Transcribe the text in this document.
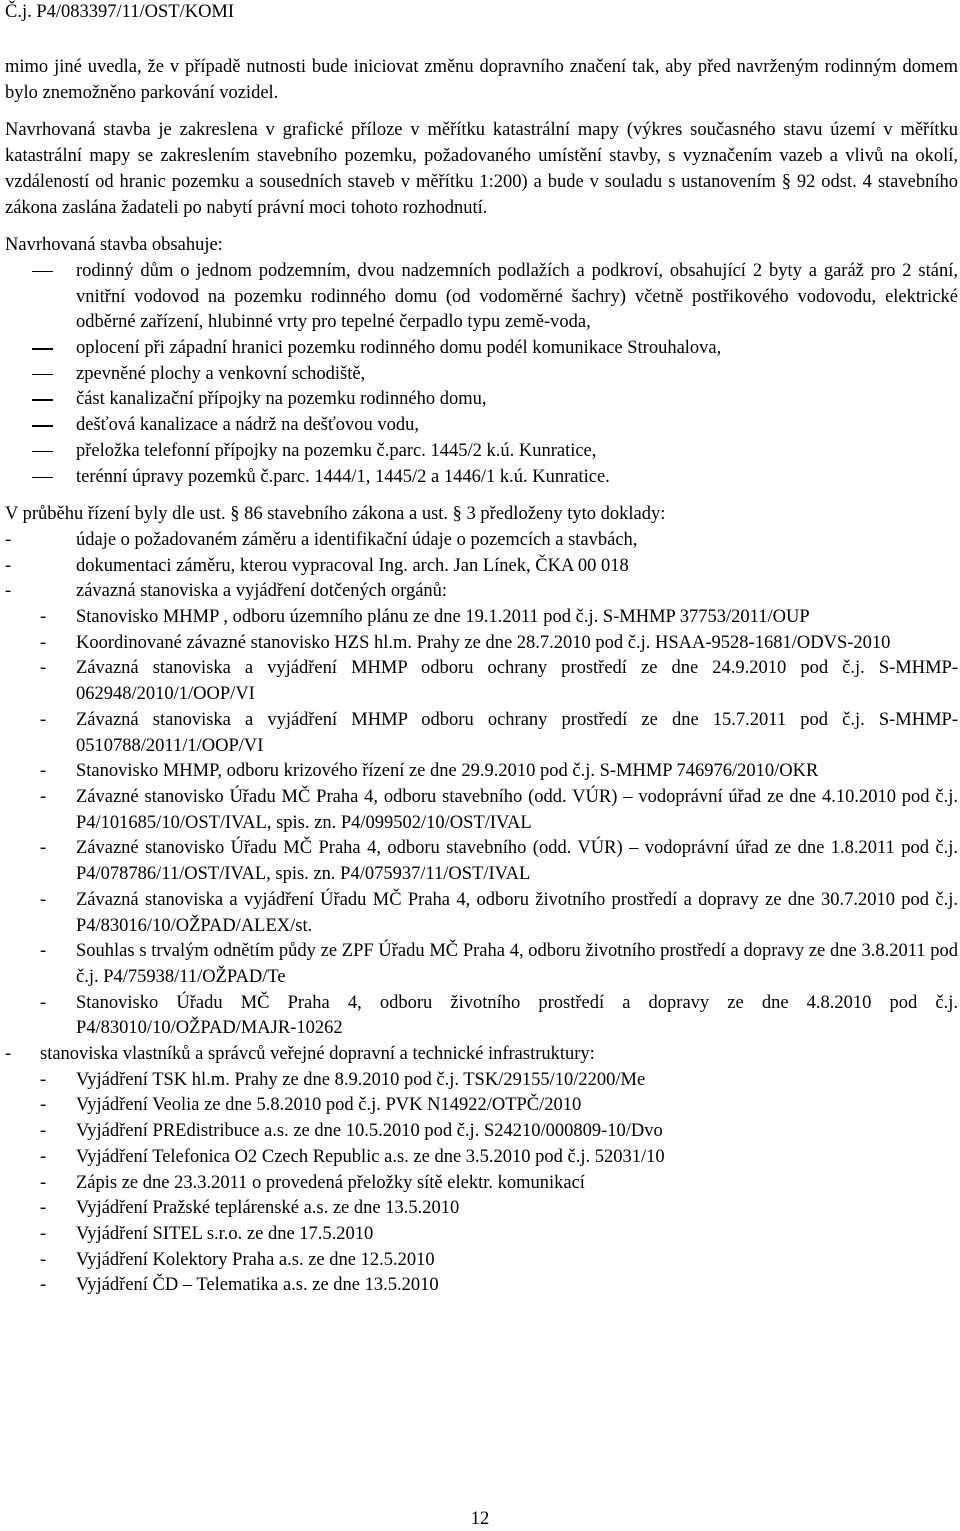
Č.j. P4/083397/11/OST/KOMI

mimo jiné uvedla, že v případě nutnosti bude iniciovat změnu dopravního značení tak, aby před navrženým rodinným domem bylo znemožněno parkování vozidel.

Navrhovaná stavba je zakreslena v grafické příloze v měřítku katastrální mapy (výkres současného stavu území v měřítku katastrální mapy se zakreslením stavebního pozemku, požadovaného umístění stavby, s vyznačením vazeb a vlivů na okolí, vzdáleností od hranic pozemku a sousedních staveb v měřítku 1:200) a bude v souladu s ustanovením § 92 odst. 4 stavebního zákona zaslána žadateli po nabytí právní moci tohoto rozhodnutí.

Navrhovaná stavba obsahuje:

rodinný dům o jednom podzemním, dvou nadzemních podlažích a podkroví, obsahující 2 byty a garáž pro 2 stání, vnitřní vodovod na pozemku rodinného domu (od vodoměrné šachry) včetně postřikového vodovodu, elektrické odběrné zařízení, hlubinné vrty pro tepelné čerpadlo typu země-voda,
oplocení při západní hranici pozemku rodinného domu podél komunikace Strouhalova,
zpevněné plochy a venkovní schodiště,
část kanalizační přípojky na pozemku rodinného domu,
dešťová kanalizace a nádrž na dešťovou vodu,
přeložka telefonní přípojky na pozemku č.parc. 1445/2 k.ú. Kunratice,
terénní úpravy pozemků č.parc. 1444/1, 1445/2 a 1446/1 k.ú. Kunratice.

V průběhu řízení byly dle ust. § 86 stavebního zákona a ust. § 3 předloženy tyto doklady:

-	údaje o požadovaném záměru a identifikační údaje o pozemcích a stavbách,
-	dokumentaci záměru, kterou vypracoval Ing. arch. Jan Línek, ČKA 00 018
-	závazná stanoviska a vyjádření dotčených orgánů:
- Stanovisko MHMP , odboru územního plánu ze dne 19.1.2011 pod č.j. S-MHMP 37753/2011/OUP
- Koordinované závazné stanovisko HZS hl.m. Prahy ze dne 28.7.2010 pod č.j. HSAA-9528-1681/ODVS-2010
- Závazná stanoviska a vyjádření MHMP odboru ochrany prostředí ze dne 24.9.2010 pod č.j. S-MHMP-062948/2010/1/OOP/VI
- Závazná stanoviska a vyjádření MHMP odboru ochrany prostředí ze dne 15.7.2011 pod č.j. S-MHMP-0510788/2011/1/OOP/VI
- Stanovisko MHMP, odboru krizového řízení ze dne 29.9.2010 pod č.j. S-MHMP 746976/2010/OKR
- Závazné stanovisko Úřadu MČ Praha 4, odboru stavebního (odd. VÚR) – vodoprávní úřad ze dne 4.10.2010 pod č.j. P4/101685/10/OST/IVAL, spis. zn. P4/099502/10/OST/IVAL
- Závazné stanovisko Úřadu MČ Praha 4, odboru stavebního (odd. VÚR) – vodoprávní úřad ze dne 1.8.2011 pod č.j. P4/078786/11/OST/IVAL, spis. zn. P4/075937/11/OST/IVAL
- Závazná stanoviska a vyjádření Úřadu MČ Praha 4, odboru životního prostředí a dopravy ze dne 30.7.2010 pod č.j. P4/83016/10/OŽPAD/ALEX/st.
- Souhlas s trvalým odnětím půdy ze ZPF Úřadu MČ Praha 4, odboru životního prostředí a dopravy ze dne 3.8.2011 pod č.j. P4/75938/11/OŽPAD/Te
- Stanovisko Úřadu MČ Praha 4, odboru životního prostředí a dopravy ze dne 4.8.2010 pod č.j. P4/83010/10/OŽPAD/MAJR-10262
- stanoviska vlastníků a správců veřejné dopravní a technické infrastruktury:
- Vyjádření TSK hl.m. Prahy ze dne 8.9.2010 pod č.j. TSK/29155/10/2200/Me
- Vyjádření Veolia ze dne 5.8.2010 pod č.j. PVK N14922/OTPČ/2010
- Vyjádření PREdistribuce a.s. ze dne 10.5.2010 pod č.j. S24210/000809-10/Dvo
- Vyjádření Telefonica O2 Czech Republic a.s. ze dne 3.5.2010 pod č.j. 52031/10
- Zápis ze dne 23.3.2011 o provedená přeložky sítě elektr. komunikací
- Vyjádření Pražské teplárenské a.s. ze dne 13.5.2010
- Vyjádření SITEL s.r.o. ze dne 17.5.2010
- Vyjádření Kolektory Praha a.s. ze dne 12.5.2010
- Vyjádření ČD – Telematika a.s. ze dne 13.5.2010
12
